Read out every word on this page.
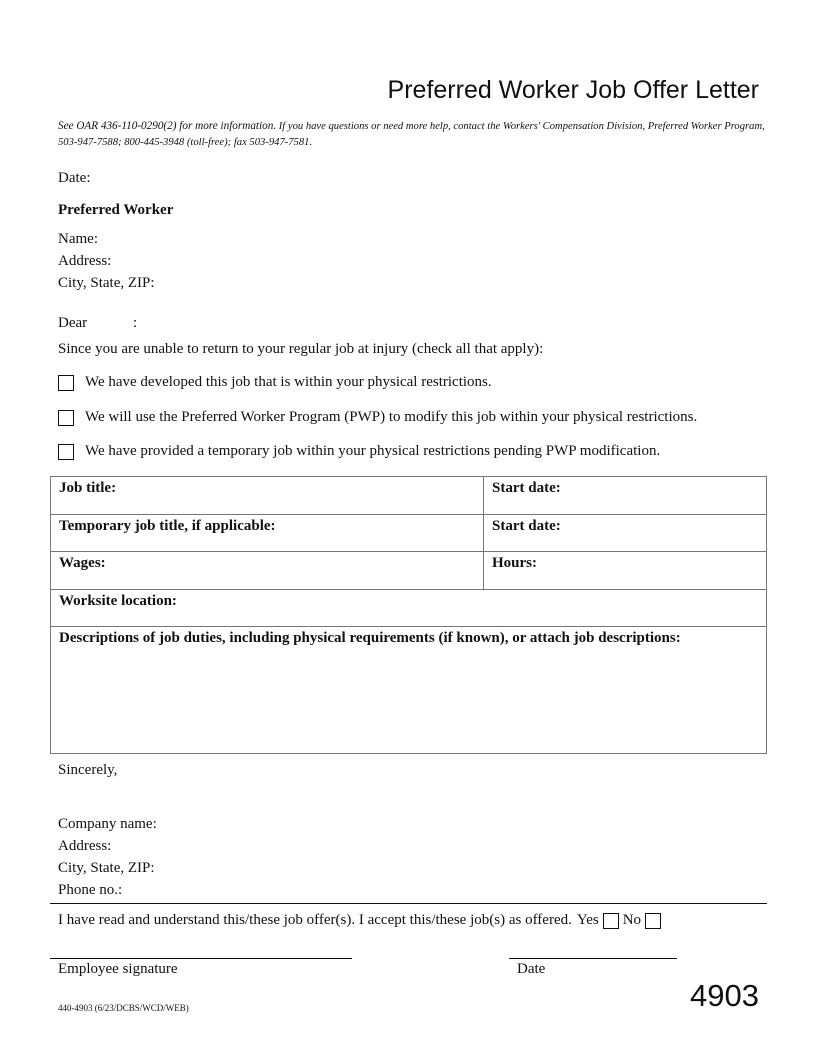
Preferred Worker Job Offer Letter
See OAR 436-110-0290(2) for more information. If you have questions or need more help, contact the Workers' Compensation Division, Preferred Worker Program, 503-947-7588; 800-445-3948 (toll-free); fax 503-947-7581.
Date:
Preferred Worker
Name:
Address:
City, State, ZIP:
Dear	:
Since you are unable to return to your regular job at injury (check all that apply):
We have developed this job that is within your physical restrictions.
We will use the Preferred Worker Program (PWP) to modify this job within your physical restrictions.
We have provided a temporary job within your physical restrictions pending PWP modification.
Job title:	Start date:
Temporary job title, if applicable:	Start date:
Wages:	Hours:
Worksite location:	
Descriptions of job duties, including physical requirements (if known), or attach job descriptions:	
Sincerely,
Company name:
Address:
City, State, ZIP:
Phone no.:
I have read and understand this/these job offer(s). I accept this/these job(s) as offered. Yes No
Employee signature	Date
440-4903 (6/23/DCBS/WCD/WEB)	4903
